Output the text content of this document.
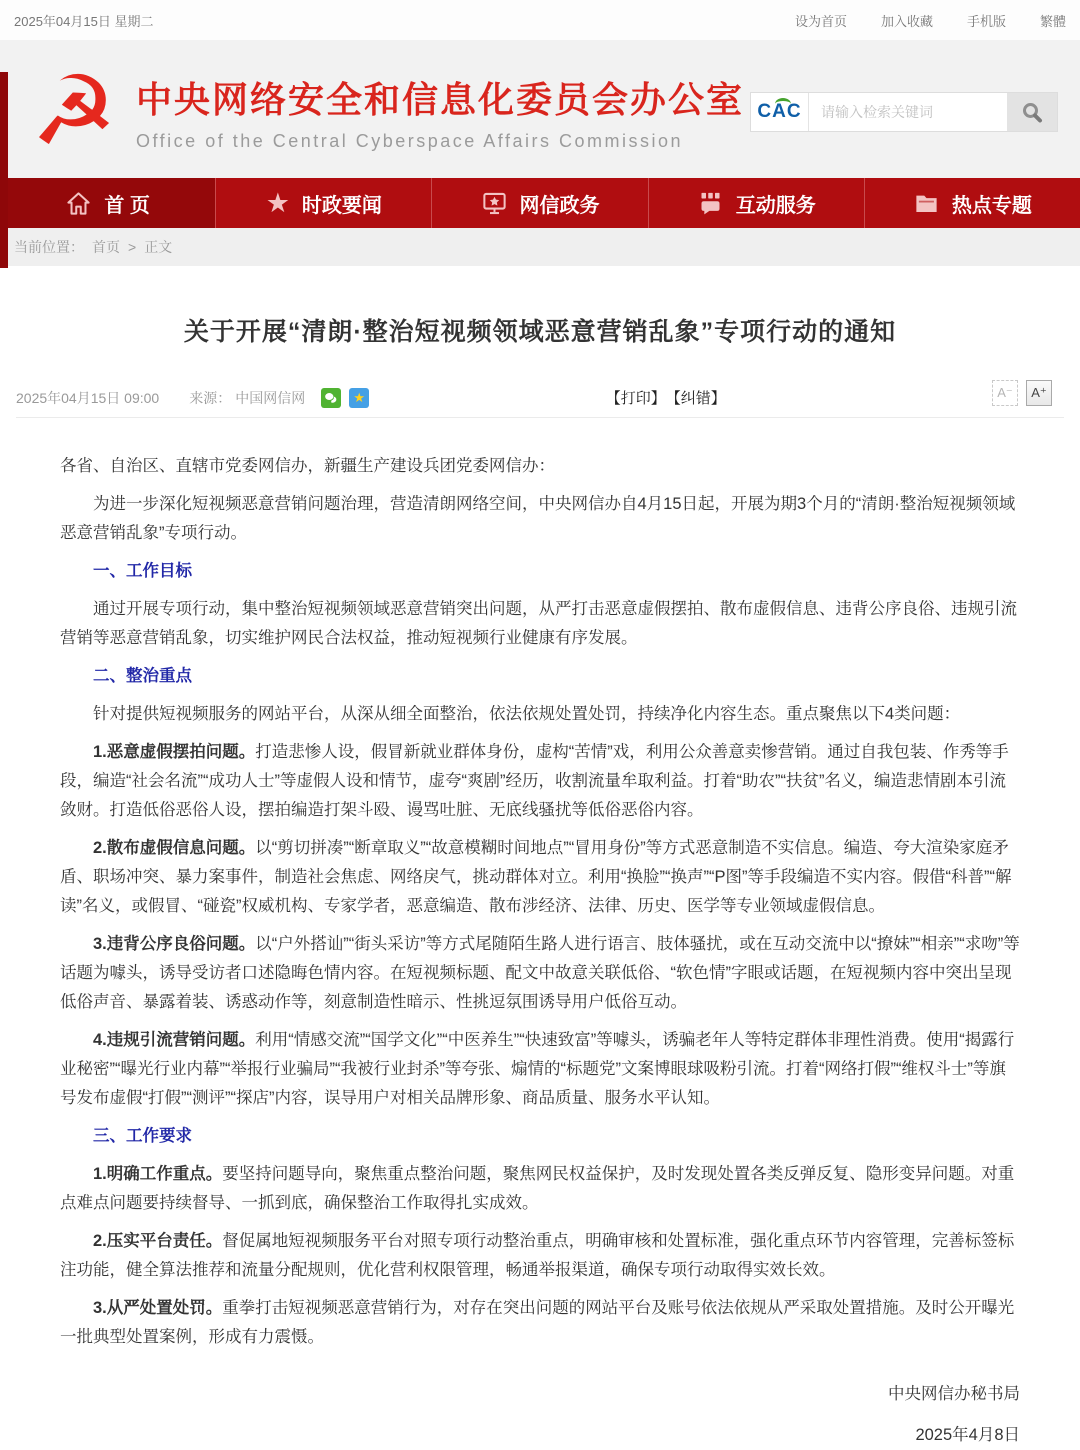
2025年04月15日 星期二	设为首页	加入收藏	手机版	繁體
☭ 中央网络安全和信息化委员会办公室
Office of the Central Cyberspace Affairs Commission
CAC
请输入检索关键词
首 页	★ 时政要闻	网信政务	互动服务	热点专题
当前位置： 首页 > 正文
关于开展“清朗·整治短视频领域恶意营销乱象”专项行动的通知
2025年04月15日 09:00 来源： 中国网信网	★	【打印】 【纠错】	A⁻	A⁺

各省、自治区、直辖市党委网信办，新疆生产建设兵团党委网信办：

为进一步深化短视频恶意营销问题治理，营造清朗网络空间，中央网信办自4月15日起，开展为期3个月的“清朗·整治短视频领域恶意营销乱象”专项行动。

一、工作目标

通过开展专项行动，集中整治短视频领域恶意营销突出问题，从严打击恶意虚假摆拍、散布虚假信息、违背公序良俗、违规引流营销等恶意营销乱象，切实维护网民合法权益，推动短视频行业健康有序发展。

二、整治重点

针对提供短视频服务的网站平台，从深从细全面整治，依法依规处置处罚，持续净化内容生态。重点聚焦以下4类问题：

1.恶意虚假摆拍问题。打造悲惨人设，假冒新就业群体身份，虚构“苦情”戏，利用公众善意卖惨营销。通过自我包装、作秀等手段，编造“社会名流”“成功人士”等虚假人设和情节，虚夸“爽剧”经历，收割流量牟取利益。打着“助农”“扶贫”名义，编造悲情剧本引流敛财。打造低俗恶俗人设，摆拍编造打架斗殴、谩骂吐脏、无底线骚扰等低俗恶俗内容。

2.散布虚假信息问题。以“剪切拼凑”“断章取义”“故意模糊时间地点”“冒用身份”等方式恶意制造不实信息。编造、夸大渲染家庭矛盾、职场冲突、暴力案事件，制造社会焦虑、网络戾气，挑动群体对立。利用“换脸”“换声”“P图”等手段编造不实内容。假借“科普”“解读”名义，或假冒、“碰瓷”权威机构、专家学者，恶意编造、散布涉经济、法律、历史、医学等专业领域虚假信息。

3.违背公序良俗问题。以“户外搭讪”“街头采访”等方式尾随陌生路人进行语言、肢体骚扰，或在互动交流中以“撩妹”“相亲”“求吻”等话题为噱头，诱导受访者口述隐晦色情内容。在短视频标题、配文中故意关联低俗、“软色情”字眼或话题，在短视频内容中突出呈现低俗声音、暴露着装、诱惑动作等，刻意制造性暗示、性挑逗氛围诱导用户低俗互动。

4.违规引流营销问题。利用“情感交流”“国学文化”“中医养生”“快速致富”等噱头，诱骗老年人等特定群体非理性消费。使用“揭露行业秘密”“曝光行业内幕”“举报行业骗局”“我被行业封杀”等夸张、煽情的“标题党”文案博眼球吸粉引流。打着“网络打假”“维权斗士”等旗号发布虚假“打假”“测评”“探店”内容，误导用户对相关品牌形象、商品质量、服务水平认知。

三、工作要求

1.明确工作重点。要坚持问题导向，聚焦重点整治问题，聚焦网民权益保护，及时发现处置各类反弹反复、隐形变异问题。对重点难点问题要持续督导、一抓到底，确保整治工作取得扎实成效。

2.压实平台责任。督促属地短视频服务平台对照专项行动整治重点，明确审核和处置标准，强化重点环节内容管理，完善标签标注功能，健全算法推荐和流量分配规则，优化营利权限管理，畅通举报渠道，确保专项行动取得实效长效。

3.从严处置处罚。重拳打击短视频恶意营销行为，对存在突出问题的网站平台及账号依法依规从严采取处置措施。及时公开曝光一批典型处置案例，形成有力震慑。

中央网信办秘书局

2025年4月8日
